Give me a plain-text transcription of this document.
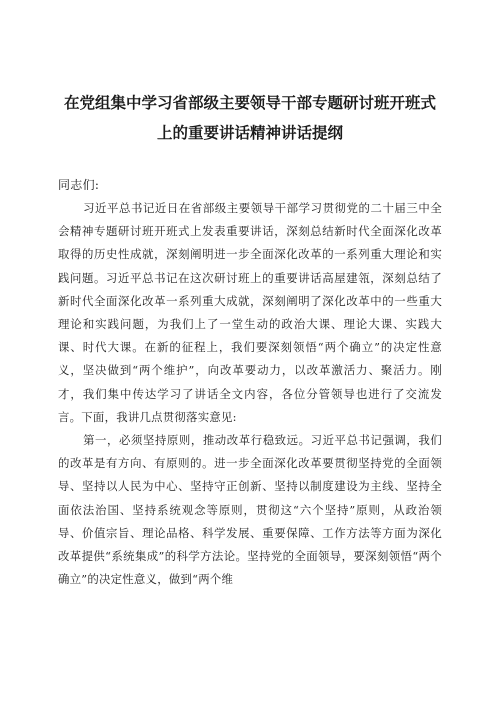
在党组集中学习省部级主要领导干部专题研讨班开班式
上的重要讲话精神讲话提纲

同志们:

习近平总书记近日在省部级主要领导干部学习贯彻党的二十届三中全会精神专题研讨班开班式上发表重要讲话，深刻总结新时代全面深化改革取得的历史性成就，深刻阐明进一步全面深化改革的一系列重大理论和实践问题。习近平总书记在这次研讨班上的重要讲话高屋建瓴，深刻总结了新时代全面深化改革一系列重大成就，深刻阐明了深化改革中的一些重大理论和实践问题，为我们上了一堂生动的政治大课、理论大课、实践大课、时代大课。在新的征程上，我们要深刻领悟“两个确立”的决定性意义，坚决做到“两个维护”，向改革要动力，以改革激活力、聚活力。刚才，我们集中传达学习了讲话全文内容，各位分管领导也进行了交流发言。下面，我讲几点贯彻落实意见:

第一，必须坚持原则，推动改革行稳致远。习近平总书记强调，我们的改革是有方向、有原则的。进一步全面深化改革要贯彻坚持党的全面领导、坚持以人民为中心、坚持守正创新、坚持以制度建设为主线、坚持全面依法治国、坚持系统观念等原则，贯彻这“六个坚持”原则，从政治领导、价值宗旨、理论品格、科学发展、重要保障、工作方法等方面为深化改革提供“系统集成”的科学方法论。坚持党的全面领导，要深刻领悟“两个确立”的决定性意义，做到“两个维
